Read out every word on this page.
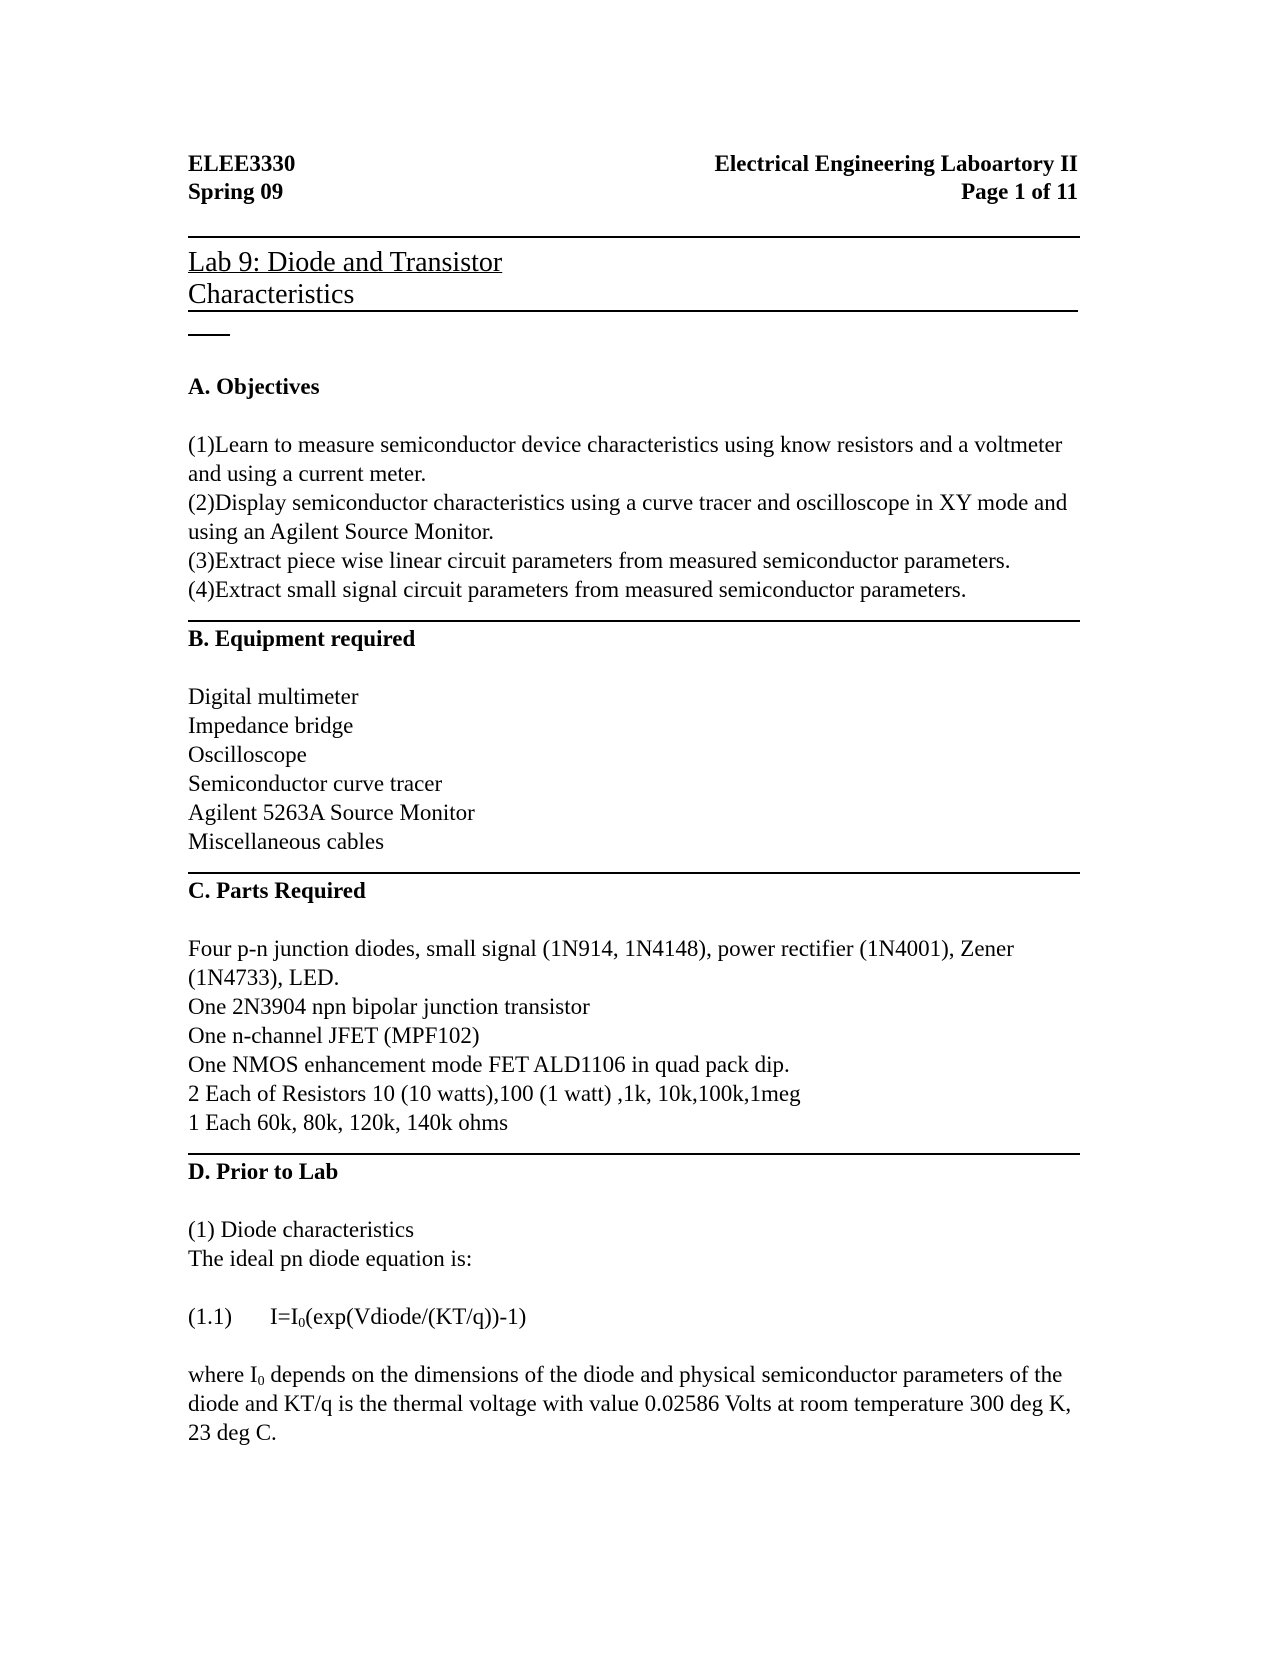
ELEE3330
Spring 09
Electrical Engineering Laboartory II
Page 1 of 11
Lab 9: Diode and Transistor
Characteristics
A. Objectives
(1)Learn to measure semiconductor device characteristics using know resistors and a voltmeter and using a current meter.
(2)Display semiconductor characteristics using a curve tracer and oscilloscope in XY mode and using an Agilent Source Monitor.
(3)Extract piece wise linear circuit parameters from measured semiconductor parameters.
(4)Extract small signal circuit parameters from measured semiconductor parameters.
B. Equipment required
Digital multimeter
Impedance bridge
Oscilloscope
Semiconductor curve tracer
Agilent 5263A Source Monitor
Miscellaneous cables
C. Parts Required
Four p-n junction diodes, small signal (1N914, 1N4148), power rectifier (1N4001), Zener (1N4733), LED.
One 2N3904 npn bipolar junction transistor
One n-channel JFET (MPF102)
One NMOS enhancement mode FET ALD1106 in quad pack dip.
2 Each of Resistors 10 (10 watts),100 (1 watt) ,1k, 10k,100k,1meg
1 Each 60k, 80k, 120k, 140k ohms
D. Prior to Lab
(1) Diode characteristics
The ideal pn diode equation is:
(1.1) $I=I_0(\exp(Vdiode/(KT/q))-1)$
where $I_0$ depends on the dimensions of the diode and physical semiconductor parameters of the diode and KT/q is the thermal voltage with value 0.02586 Volts at room temperature 300 deg K, 23 deg C.
